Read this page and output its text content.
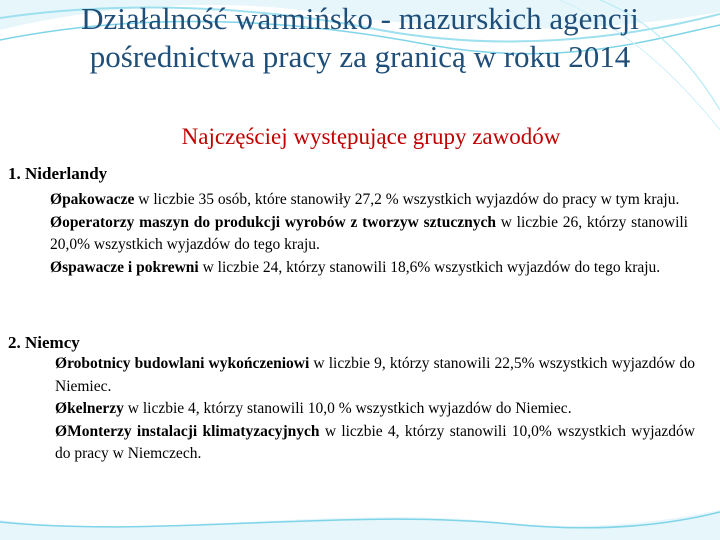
Działalność warmińsko - mazurskich agencji pośrednictwa pracy za granicą w roku 2014
Najczęściej występujące grupy zawodów

1. Niderlandy

Øpakowacze w liczbie 35 osób, które stanowiły 27,2 % wszystkich wyjazdów do pracy w tym kraju.
Øoperatorzy maszyn do produkcji wyrobów z tworzyw sztucznych w liczbie 26, którzy stanowili 20,0% wszystkich wyjazdów do tego kraju.
Øspawacze i pokrewni w liczbie 24, którzy stanowili 18,6% wszystkich wyjazdów do tego kraju.

2. Niemcy

Ørobotnicy budowlani wykończeniowi w liczbie 9, którzy stanowili 22,5% wszystkich wyjazdów do Niemiec.
Økelnerzy w liczbie 4, którzy stanowili 10,0 % wszystkich wyjazdów do Niemiec.
ØMonterzy instalacji klimatyzacyjnych w liczbie 4, którzy stanowili 10,0% wszystkich wyjazdów do pracy w Niemczech.
